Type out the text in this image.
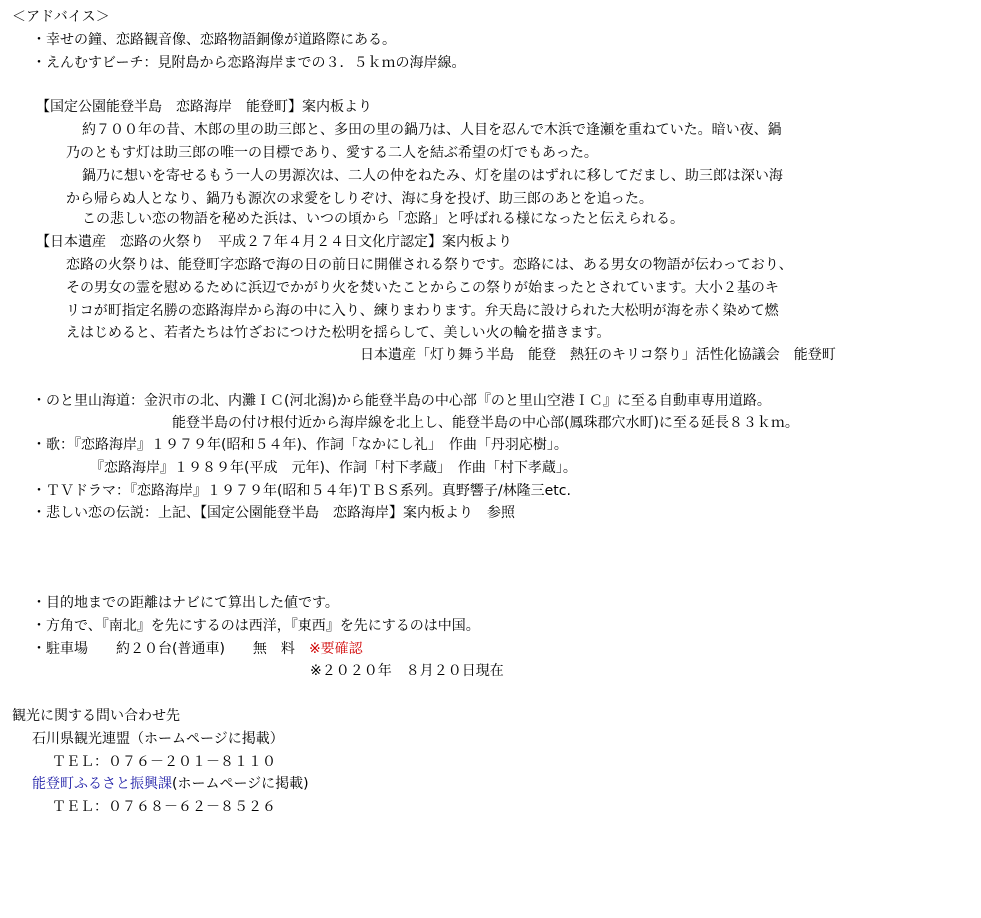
＜アドバイス＞
・幸せの鐘、恋路観音像、恋路物語銅像が道路際にある。
・えんむすビーチ：見附島から恋路海岸までの３．５ｋｍの海岸線。
【国定公園能登半島　恋路海岸　能登町】案内板より
約７００年の昔、木郎の里の助三郎と、多田の里の鍋乃は、人目を忍んで木浜で逢瀬を重ねていた。暗い夜、鍋
乃のともす灯は助三郎の唯一の目標であり、愛する二人を結ぶ希望の灯でもあった。
鍋乃に想いを寄せるもう一人の男源次は、二人の仲をねたみ、灯を崖のはずれに移してだまし、助三郎は深い海
から帰らぬ人となり、鍋乃も源次の求愛をしりぞけ、海に身を投げ、助三郎のあとを追った。
この悲しい恋の物語を秘めた浜は、いつの頃から「恋路」と呼ばれる様になったと伝えられる。
【日本遺産　恋路の火祭り　平成２７年４月２４日文化庁認定】案内板より
恋路の火祭りは、能登町字恋路で海の日の前日に開催される祭りです。恋路には、ある男女の物語が伝わっており、
その男女の霊を慰めるために浜辺でかがり火を焚いたことからこの祭りが始まったとされています。大小２基のキ
リコが町指定名勝の恋路海岸から海の中に入り、練りまわります。弁天島に設けられた大松明が海を赤く染めて燃
えはじめると、若者たちは竹ざおにつけた松明を揺らして、美しい火の輪を描きます。
日本遺産「灯り舞う半島　能登　熱狂のキリコ祭り」活性化協議会　能登町
・のと里山海道：金沢市の北、内灘ＩＣ(河北潟)から能登半島の中心部『のと里山空港ＩＣ』に至る自動車専用道路。
能登半島の付け根付近から海岸線を北上し、能登半島の中心部(鳳珠郡穴水町)に至る延長８３ｋｍ。
・歌：『恋路海岸』１９７９年(昭和５４年)、作詞「なかにし礼」　作曲「丹羽応樹」。
『恋路海岸』１９８９年(平成　元年)、作詞「村下孝蔵」　作曲「村下孝蔵」。
・ＴＶドラマ：『恋路海岸』１９７９年(昭和５４年)ＴＢＳ系列。真野響子/林隆三etc.
・悲しい恋の伝説：上記、【国定公園能登半島　恋路海岸】案内板より　参照
・目的地までの距離はナビにて算出した値です。
・方角で、『南北』を先にするのは西洋，『東西』を先にするのは中国。
・駐車場　　約２０台(普通車)　　無　料 ※要確認
※２０２０年　８月２０日現在
観光に関する問い合わせ先
石川県観光連盟（ホームページに掲載）
ＴＥＬ：０７６－２０１－８１１０
能登町ふるさと振興課(ホームページに掲載)
ＴＥＬ：０７６８－６２－８５２６
